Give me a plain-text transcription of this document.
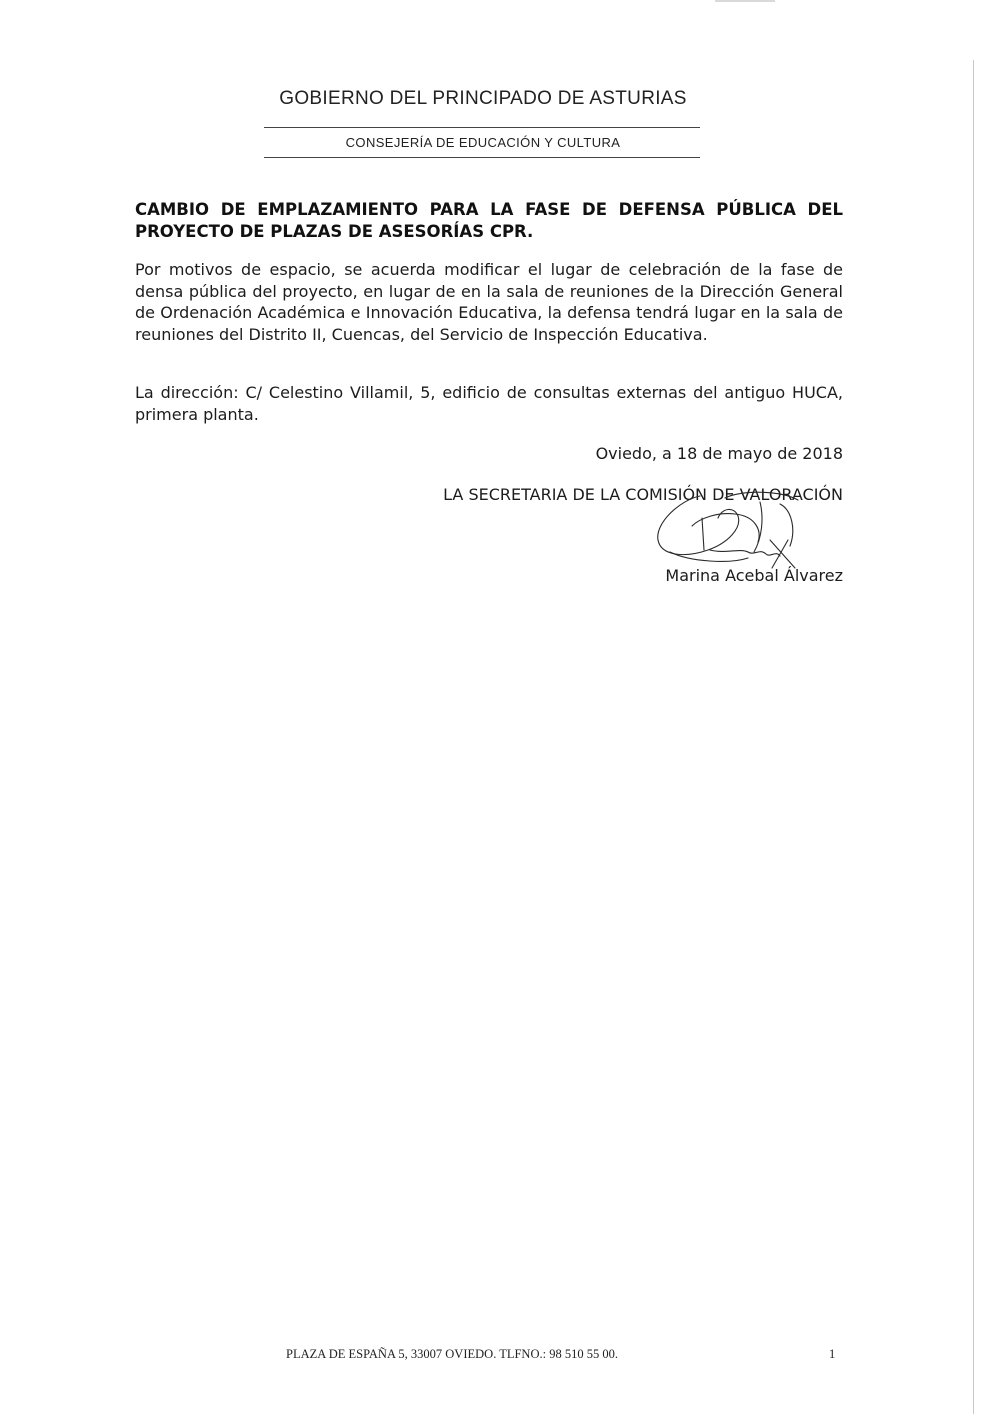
GOBIERNO DEL PRINCIPADO DE ASTURIAS
CONSEJERÍA DE EDUCACIÓN Y CULTURA
CAMBIO DE EMPLAZAMIENTO PARA LA FASE DE DEFENSA PÚBLICA DEL PROYECTO DE PLAZAS DE ASESORÍAS CPR.
Por motivos de espacio, se acuerda modificar el lugar de celebración de la fase de densa pública del proyecto, en lugar de en la sala de reuniones de la Dirección General de Ordenación Académica e Innovación Educativa, la defensa tendrá lugar en la sala de reuniones del Distrito II, Cuencas, del Servicio de Inspección Educativa.
La dirección: C/ Celestino Villamil, 5, edificio de consultas externas del antiguo HUCA, primera planta.
Oviedo, a 18 de mayo de 2018
LA SECRETARIA DE LA COMISIÓN DE VALORACIÓN
Marina Acebal Álvarez
PLAZA DE ESPAÑA 5, 33007 OVIEDO. TLFNO.: 98 510 55 00.	1
